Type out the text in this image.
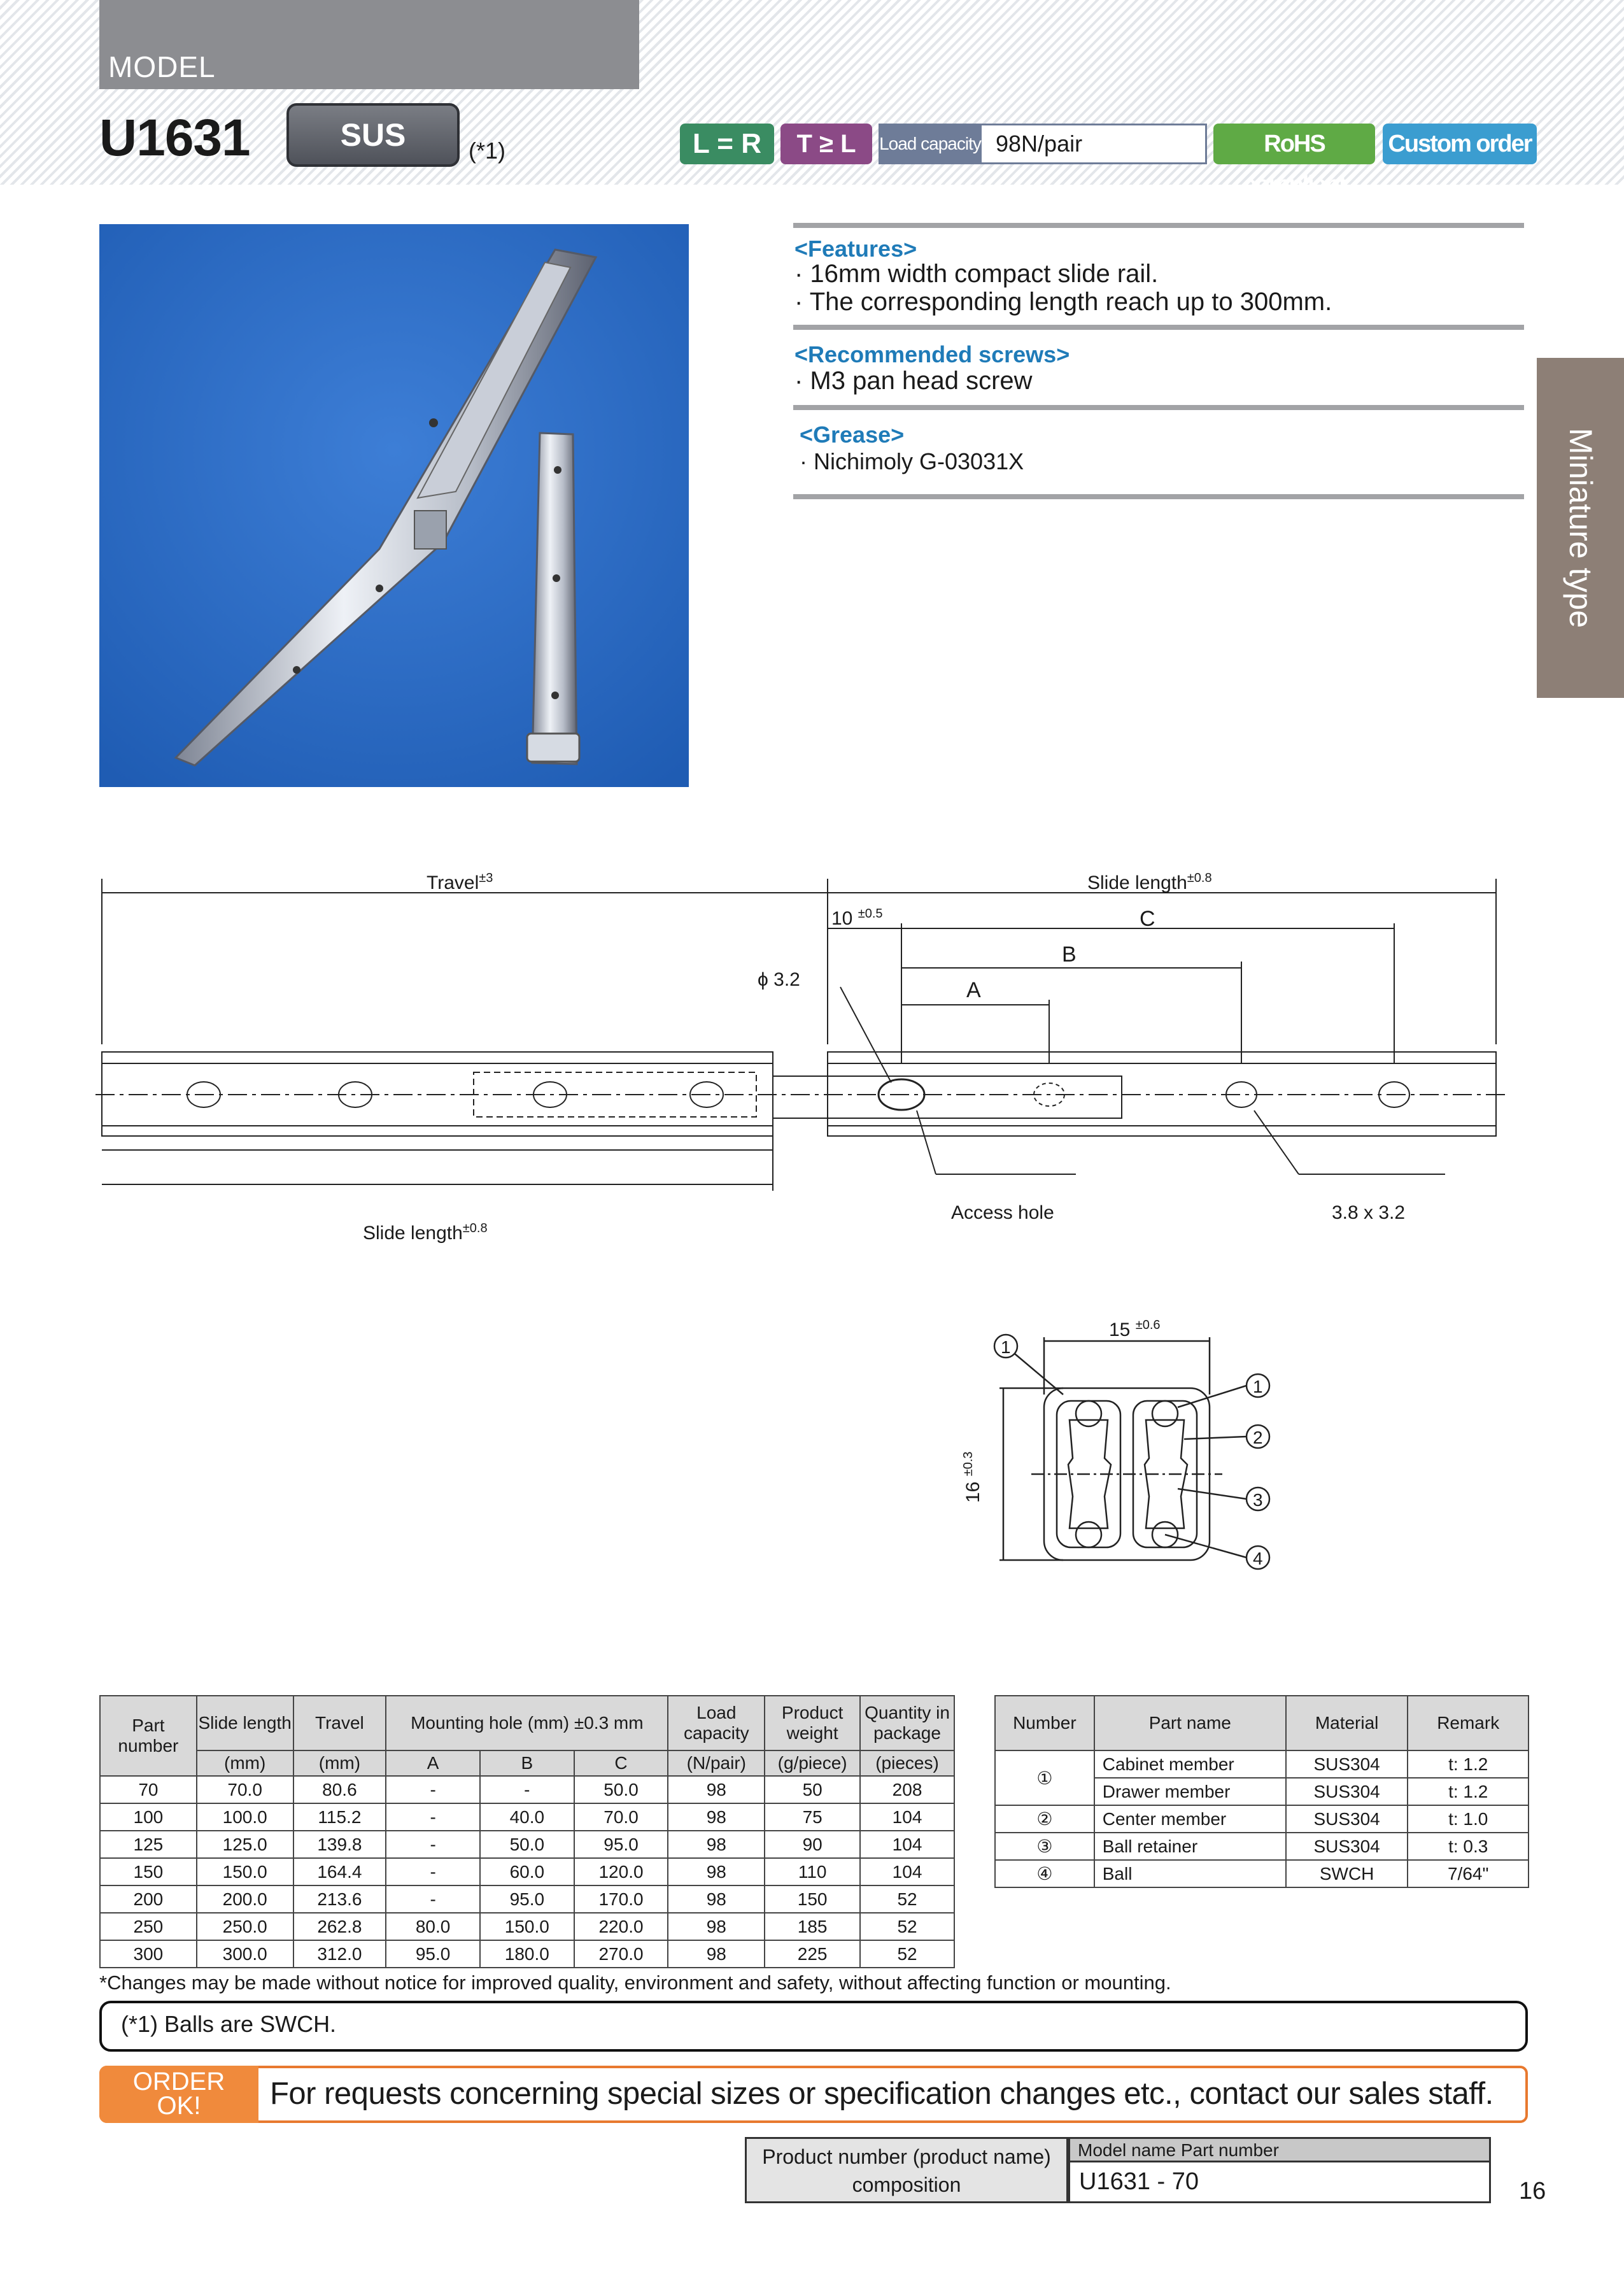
MODEL
U1631	SUS	(*1)	L = R	T ≥ L	Load capacity 98N/pair	RoHS compliant
Custom order
<Features>
· 16mm width compact slide rail.
· The corresponding length reach up to 300mm.
<Recommended screws>
· M3 pan head screw
<Grease>
· Nichimoly G-03031X	Miniature type
Travel$^{\pm 3}$	Slide length$^{\pm 0.8}$
10 $^{\pm 0.5}$	C
B
A
ϕ 3.2
Access hole	3.8 x 3.2
Slide length$^{\pm 0.8}$
1
1
2
3
4
15 $^{\pm 0.6}$
16 $^{\pm 0.3}$
Part number	Slide length	Travel	Mounting hole (mm) ±0.3 mm			Load capacity	Product weight	Quantity in package
	(mm)	(mm)	A	B	C	(N/pair)	(g/piece)	(pieces)
70	70.0	80.6	-	-	50.0	98	50	208
100	100.0	115.2	-	40.0	70.0	98	75	104
125	125.0	139.8	-	50.0	95.0	98	90	104
150	150.0	164.4	-	60.0	120.0	98	110	104
200	200.0	213.6	-	95.0	170.0	98	150	52
250	250.0	262.8	80.0	150.0	220.0	98	185	52
300	300.0	312.0	95.0	180.0	270.0	98	225	52
Number	Part name	Material	Remark
①	Cabinet member	SUS304	t: 1.2
	Drawer member	SUS304	t: 1.2
②	Center member	SUS304	t: 1.0
③	Ball retainer	SUS304	t: 0.3
④	Ball	SWCH	7/64"
*Changes may be made without notice for improved quality, environment and safety, without affecting function or mounting.
(*1) Balls are SWCH.
ORDER
OK!	For requests concerning special sizes or specification changes etc., contact our sales staff.
Product number (product name)
composition
Model name Part number
U1631 - 70	16
